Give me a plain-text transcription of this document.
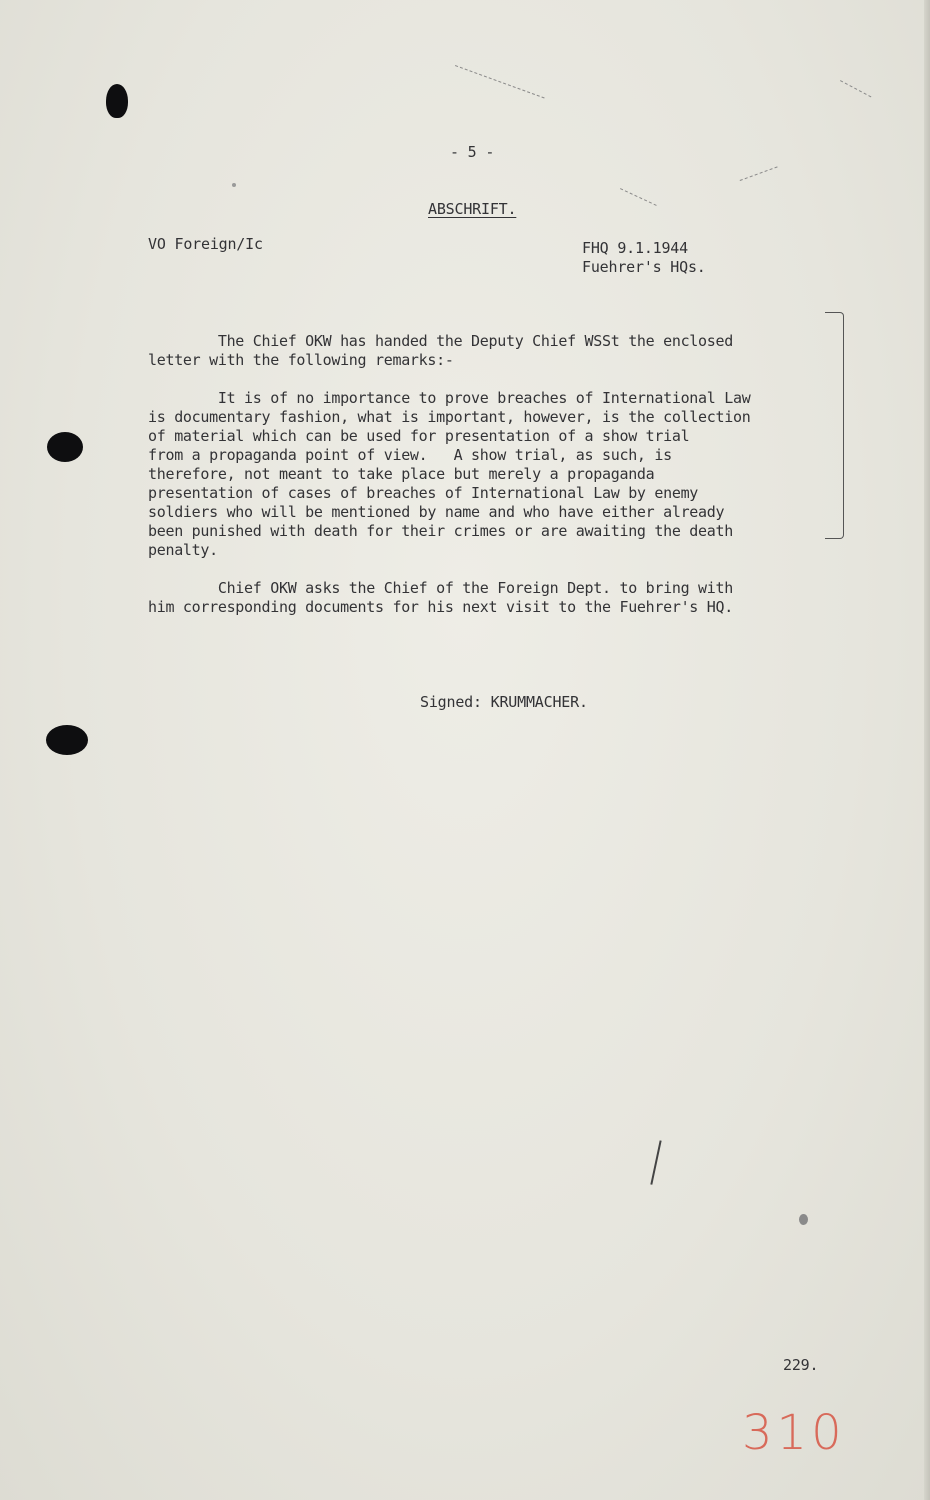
- 5 -
ABSCHRIFT.
VO Foreign/Ic	FHQ 9.1.1944
Fuehrer's HQs.
The Chief OKW has handed the Deputy Chief WSSt the enclosed
letter with the following remarks:-
It is of no importance to prove breaches of International Law
is documentary fashion, what is important, however, is the collection
of material which can be used for presentation of a show trial
from a propaganda point of view.   A show trial, as such, is
therefore, not meant to take place but merely a propaganda
presentation of cases of breaches of International Law by enemy
soldiers who will be mentioned by name and who have either already
been punished with death for their crimes or are awaiting the death
penalty.
Chief OKW asks the Chief of the Foreign Dept. to bring with
him corresponding documents for his next visit to the Fuehrer's HQ.
Signed: KRUMMACHER.
229.
310
